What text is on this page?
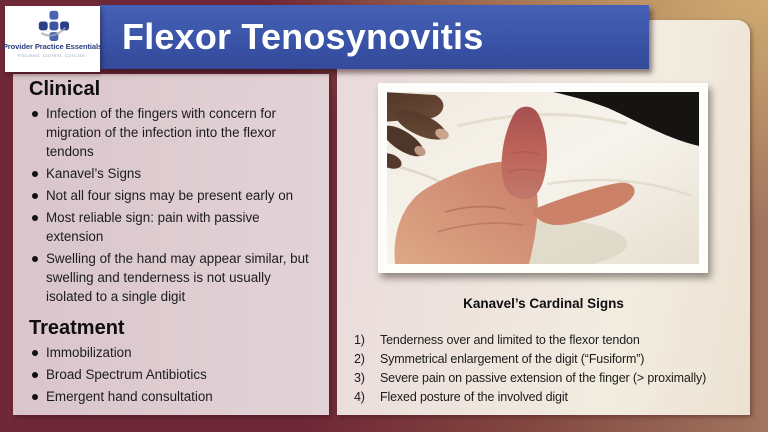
Provider Practice Essentials
Focused. Current. Concise. Flexor Tenosynovitis
Kanavel’s Cardinal Signs
1)	Tenderness over and limited to the flexor tendon
2)	Symmetrical enlargement of the digit (“Fusiform”)
3)	Severe pain on passive extension of the finger (> proximally)
4)	Flexed posture of the involved digit
Clinical
Infection of the fingers with concern for migration of the infection into the flexor tendons
Kanavel’s Signs
Not all four signs may be present early on
Most reliable sign: pain with passive extension
Swelling of the hand may appear similar, but swelling and tenderness is not usually isolated to a single digit
Treatment
Immobilization
Broad Spectrum Antibiotics
Emergent hand consultation
